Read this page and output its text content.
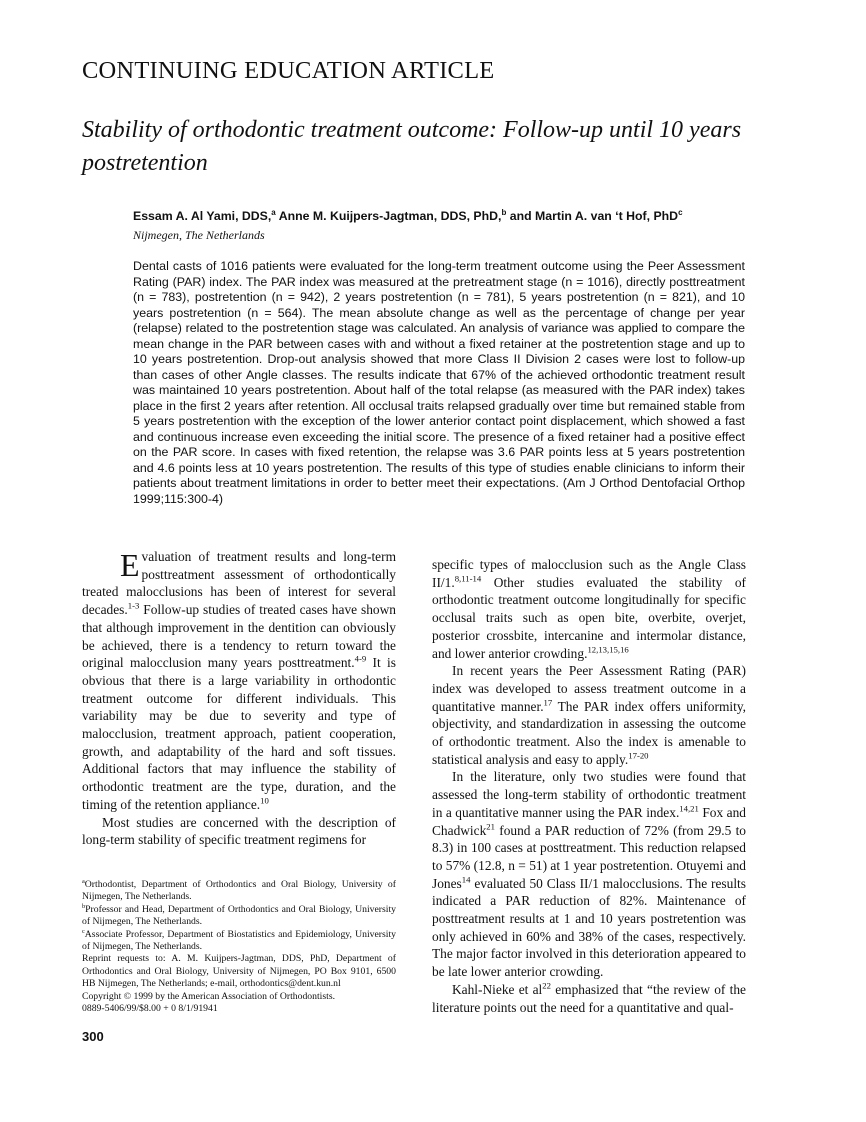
CONTINUING EDUCATION ARTICLE
Stability of orthodontic treatment outcome: Follow-up until 10 years postretention
Essam A. Al Yami, DDS,$^a$ Anne M. Kuijpers-Jagtman, DDS, PhD,$^b$ and Martin A. van ‘t Hof, PhD$^c$
Nijmegen, The Netherlands
Dental casts of 1016 patients were evaluated for the long-term treatment outcome using the Peer Assessment Rating (PAR) index. The PAR index was measured at the pretreatment stage (n = 1016), directly posttreatment (n = 783), postretention (n = 942), 2 years postretention (n = 781), 5 years postretention (n = 821), and 10 years postretention (n = 564). The mean absolute change as well as the percentage of change per year (relapse) related to the postretention stage was calculated. An analysis of variance was applied to compare the mean change in the PAR between cases with and without a fixed retainer at the postretention stage and up to 10 years postretention. Drop-out analysis showed that more Class II Division 2 cases were lost to follow-up than cases of other Angle classes. The results indicate that 67% of the achieved orthodontic treatment result was maintained 10 years postretention. About half of the total relapse (as measured with the PAR index) takes place in the first 2 years after retention. All occlusal traits relapsed gradually over time but remained stable from 5 years postretention with the exception of the lower anterior contact point displacement, which showed a fast and continuous increase even exceeding the initial score. The presence of a fixed retainer had a positive effect on the PAR score. In cases with fixed retention, the relapse was 3.6 PAR points less at 5 years postretention and 4.6 points less at 10 years postretention. The results of this type of studies enable clinicians to inform their patients about treatment limitations in order to better meet their expectations. (Am J Orthod Dentofacial Orthop 1999;115:300-4)

Evaluation of treatment results and long-term posttreatment assessment of orthodontically treated malocclusions has been of interest for several decades.$^{1-3}$ Follow-up studies of treated cases have shown that although improvement in the dentition can obviously be achieved, there is a tendency to return toward the original malocclusion many years posttreatment.$^{4-9}$ It is obvious that there is a large variability in orthodontic treatment outcome for different individuals. This variability may be due to severity and type of malocclusion, treatment approach, patient cooperation, growth, and adaptability of the hard and soft tissues. Additional factors that may influence the stability of orthodontic treatment are the type, duration, and the timing of the retention appliance.$^{10}$

Most studies are concerned with the description of long-term stability of specific treatment regimens for

specific types of malocclusion such as the Angle Class II/1.$^{8,11-14}$ Other studies evaluated the stability of orthodontic treatment outcome longitudinally for specific occlusal traits such as open bite, overbite, overjet, posterior crossbite, intercanine and intermolar distance, and lower anterior crowding.$^{12,13,15,16}$

In recent years the Peer Assessment Rating (PAR) index was developed to assess treatment outcome in a quantitative manner.$^{17}$ The PAR index offers uniformity, objectivity, and standardization in assessing the outcome of orthodontic treatment. Also the index is amenable to statistical analysis and easy to apply.$^{17-20}$

In the literature, only two studies were found that assessed the long-term stability of orthodontic treatment in a quantitative manner using the PAR index.$^{14,21}$ Fox and Chadwick$^{21}$ found a PAR reduction of 72% (from 29.5 to 8.3) in 100 cases at posttreatment. This reduction relapsed to 57% (12.8, n = 51) at 1 year postretention. Otuyemi and Jones$^{14}$ evaluated 50 Class II/1 malocclusions. The results indicated a PAR reduction of 82%. Maintenance of posttreatment results at 1 and 10 years postretention was only achieved in 60% and 38% of the cases, respectively. The major factor involved in this deterioration appeared to be late lower anterior crowding.

Kahl-Nieke et $al^{22}$ emphasized that “the review of the literature points out the need for a quantitative and qual-

$^a$Orthodontist, Department of Orthodontics and Oral Biology, University of Nijmegen, The Netherlands.
$^b$Professor and Head, Department of Orthodontics and Oral Biology, University of Nijmegen, The Netherlands.
$^c$Associate Professor, Department of Biostatistics and Epidemiology, University of Nijmegen, The Netherlands.
Reprint requests to: A. M. Kuijpers-Jagtman, DDS, PhD, Department of Orthodontics and Oral Biology, University of Nijmegen, PO Box 9101, 6500 HB Nijmegen, The Netherlands; e-mail, orthodontics@dent.kun.nl
Copyright © 1999 by the American Association of Orthodontists.
0889-5406/99/$8.00 + 0 8/1/91941
300
